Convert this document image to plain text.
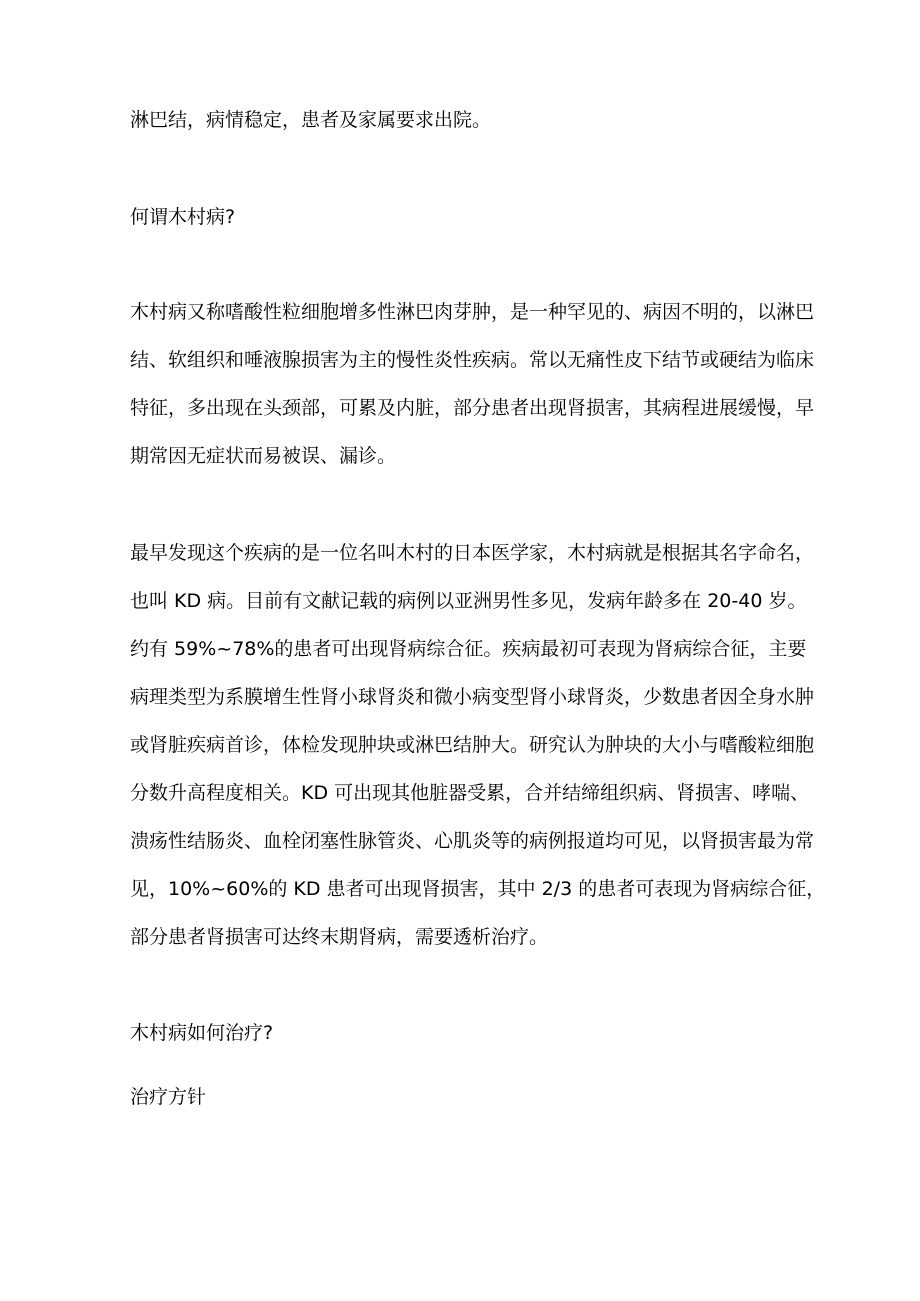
淋巴结，病情稳定，患者及家属要求出院。
何谓木村病?
木村病又称嗜酸性粒细胞增多性淋巴肉芽肿，是一种罕见的、病因不明的，以淋巴
结、软组织和唾液腺损害为主的慢性炎性疾病。常以无痛性皮下结节或硬结为临床
特征，多出现在头颈部，可累及内脏，部分患者出现肾损害，其病程进展缓慢，早
期常因无症状而易被误、漏诊。
最早发现这个疾病的是一位名叫木村的日本医学家，木村病就是根据其名字命名，
也叫 KD 病。目前有文献记载的病例以亚洲男性多见，发病年龄多在 20-40 岁。
约有 59%~78%的患者可出现肾病综合征。疾病最初可表现为肾病综合征，主要
病理类型为系膜增生性肾小球肾炎和微小病变型肾小球肾炎，少数患者因全身水肿
或肾脏疾病首诊，体检发现肿块或淋巴结肿大。研究认为肿块的大小与嗜酸粒细胞
分数升高程度相关。KD 可出现其他脏器受累，合并结缔组织病、肾损害、哮喘、
溃疡性结肠炎、血栓闭塞性脉管炎、心肌炎等的病例报道均可见，以肾损害最为常
见，10%~60%的 KD 患者可出现肾损害，其中 2/3 的患者可表现为肾病综合征，
部分患者肾损害可达终末期肾病，需要透析治疗。
木村病如何治疗?
治疗方针
